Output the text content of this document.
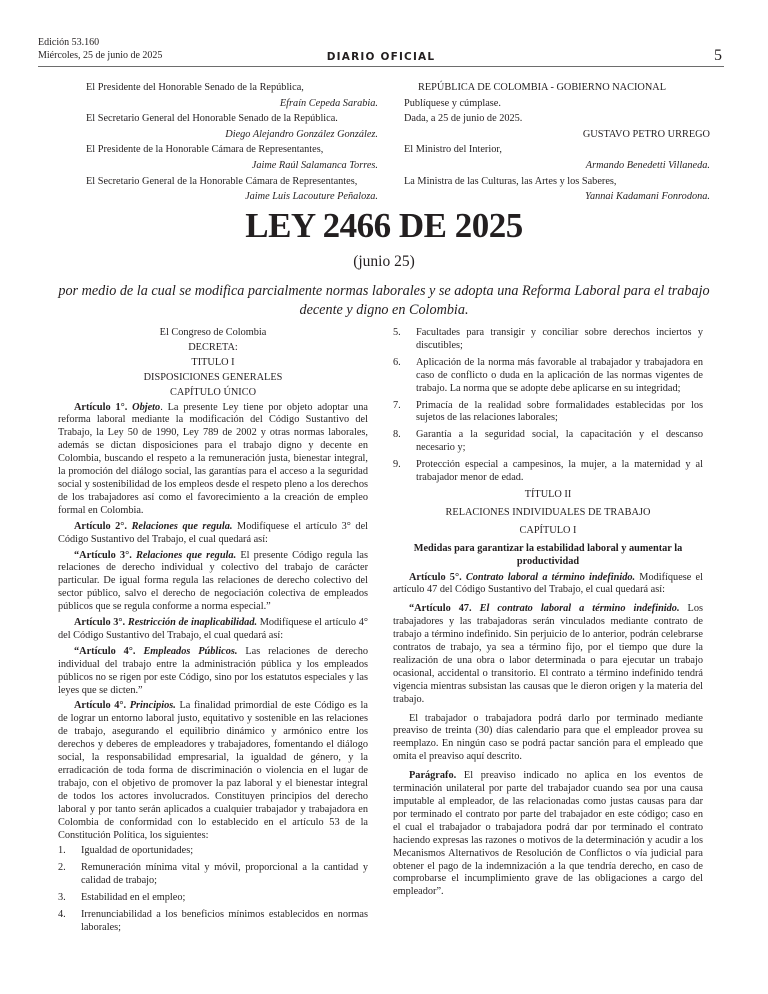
Edición 53.160
Miércoles, 25 de junio de 2025	DIARIO OFICIAL	5
El Presidente del Honorable Senado de la República,
Efraín Cepeda Sarabia.
El Secretario General del Honorable Senado de la República.
Diego Alejandro González González.
El Presidente de la Honorable Cámara de Representantes,
Jaime Raúl Salamanca Torres.
El Secretario General de la Honorable Cámara de Representantes,
Jaime Luis Lacouture Peñaloza.
REPÚBLICA DE COLOMBIA - GOBIERNO NACIONAL
Publíquese y cúmplase.
Dada, a 25 de junio de 2025.
GUSTAVO PETRO URREGO
El Ministro del Interior,
Armando Benedetti Villaneda.
La Ministra de las Culturas, las Artes y los Saberes,
Yannai Kadamani Fonrodona.
LEY 2466 DE 2025
(junio 25)
por medio de la cual se modifica parcialmente normas laborales y se adopta una Reforma Laboral para el trabajo decente y digno en Colombia.
El Congreso de Colombia
DECRETA:
TITULO I
DISPOSICIONES GENERALES
CAPÍTULO ÚNICO

Artículo 1°. Objeto. La presente Ley tiene por objeto adoptar una reforma laboral mediante la modificación del Código Sustantivo del Trabajo, la Ley 50 de 1990, Ley 789 de 2002 y otras normas laborales, además se dictan disposiciones para el trabajo digno y decente en Colombia, buscando el respeto a la remuneración justa, bienestar integral, la promoción del diálogo social, las garantías para el acceso a la seguridad social y sostenibilidad de los empleos desde el respeto pleno a los derechos de los trabajadores así como el favorecimiento a la creación de empleo formal en Colombia.

Artículo 2°. Relaciones que regula. Modifíquese el artículo 3° del Código Sustantivo del Trabajo, el cual quedará así:

“Artículo 3°. Relaciones que regula. El presente Código regula las relaciones de derecho individual y colectivo del trabajo de carácter particular. De igual forma regula las relaciones de derecho colectivo del sector público, salvo el derecho de negociación colectiva de empleados públicos que se regula conforme a norma especial.”

Artículo 3°. Restricción de inaplicabilidad. Modifíquese el artículo 4° del Código Sustantivo del Trabajo, el cual quedará así:

“Artículo 4°. Empleados Públicos. Las relaciones de derecho individual del trabajo entre la administración pública y los empleados públicos no se rigen por este Código, sino por los estatutos especiales y las leyes que se dicten.”

Artículo 4°. Principios. La finalidad primordial de este Código es la de lograr un entorno laboral justo, equitativo y sostenible en las relaciones de trabajo, asegurando el equilibrio dinámico y armónico entre los derechos y deberes de empleadores y trabajadores, fomentando el diálogo social, la responsabilidad empresarial, la igualdad de género, y la erradicación de toda forma de discriminación o violencia en el lugar de trabajo, con el objetivo de promover la paz laboral y el bienestar integral de todos los actores involucrados. Constituyen principios del derecho laboral y por tanto serán aplicados a cualquier trabajador y trabajadora en Colombia de conformidad con lo establecido en el artículo 53 de la Constitución Política, los siguientes:

1. Igualdad de oportunidades;
2. Remuneración mínima vital y móvil, proporcional a la cantidad y calidad de trabajo;
3. Estabilidad en el empleo;
4. Irrenunciabilidad a los beneficios mínimos establecidos en normas laborales;
5. Facultades para transigir y conciliar sobre derechos inciertos y discutibles;
6. Aplicación de la norma más favorable al trabajador y trabajadora en caso de conflicto o duda en la aplicación de las normas vigentes de trabajo. La norma que se adopte debe aplicarse en su integridad;
7. Primacía de la realidad sobre formalidades establecidas por los sujetos de las relaciones laborales;
8. Garantía a la seguridad social, la capacitación y el descanso necesario y;
9. Protección especial a campesinos, la mujer, a la maternidad y al trabajador menor de edad.
TÍTULO II
RELACIONES INDIVIDUALES DE TRABAJO
CAPÍTULO I

Medidas para garantizar la estabilidad laboral y aumentar la productividad

Artículo 5°. Contrato laboral a término indefinido. Modifíquese el artículo 47 del Código Sustantivo del Trabajo, el cual quedará así:

“Artículo 47. El contrato laboral a término indefinido. Los trabajadores y las trabajadoras serán vinculados mediante contrato de trabajo a término indefinido. Sin perjuicio de lo anterior, podrán celebrarse contratos de trabajo, ya sea a término fijo, por el tiempo que dure la realización de una obra o labor determinada o para ejecutar un trabajo ocasional, accidental o transitorio. El contrato a término indefinido tendrá vigencia mientras subsistan las causas que le dieron origen y la materia del trabajo.

El trabajador o trabajadora podrá darlo por terminado mediante preaviso de treinta (30) días calendario para que el empleador provea su reemplazo. En ningún caso se podrá pactar sanción para el empleado que omita el preaviso aquí descrito.

Parágrafo. El preaviso indicado no aplica en los eventos de terminación unilateral por parte del trabajador cuando sea por una causa imputable al empleador, de las relacionadas como justas causas para dar por terminado el contrato por parte del trabajador en este código; caso en el cual el trabajador o trabajadora podrá dar por terminado el contrato haciendo expresas las razones o motivos de la determinación y acudir a los Mecanismos Alternativos de Resolución de Conflictos o vía judicial para obtener el pago de la indemnización a la que tendría derecho, en caso de comprobarse el incumplimiento grave de las obligaciones a cargo del empleador”.
